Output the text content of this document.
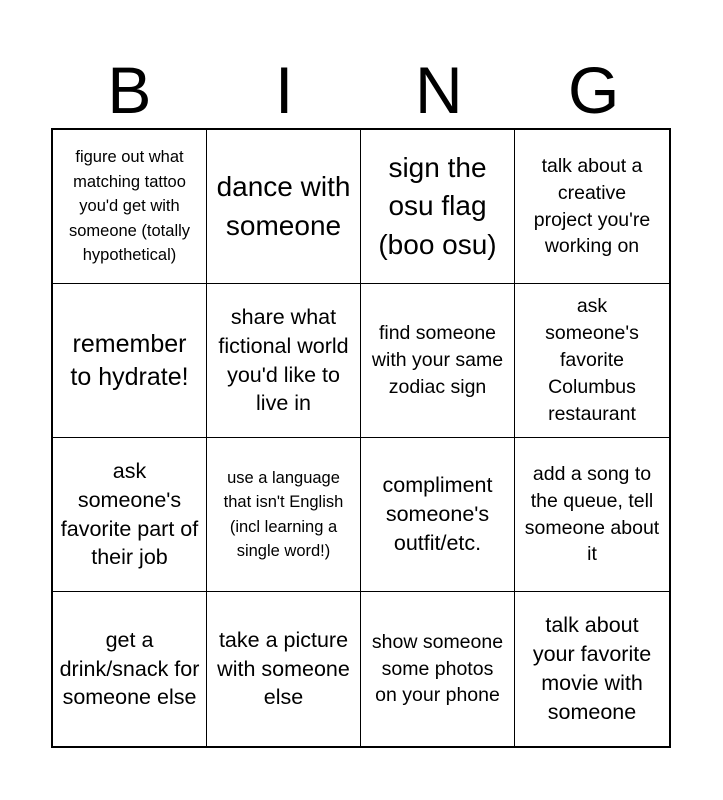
B	I	N	G
figure out what matching tattoo you'd get with someone (totally hypothetical)
dance with someone
sign the osu flag (boo osu)
talk about a creative project you're working on
remember to hydrate!
share what fictional world you'd like to live in
find someone with your same zodiac sign
ask someone's favorite Columbus restaurant
ask someone's favorite part of their job
use a language that isn't English (incl learning a single word!)
compliment someone's outfit/etc.
add a song to the queue, tell someone about it
get a drink/snack for someone else
take a picture with someone else
show someone some photos on your phone
talk about your favorite movie with someone
